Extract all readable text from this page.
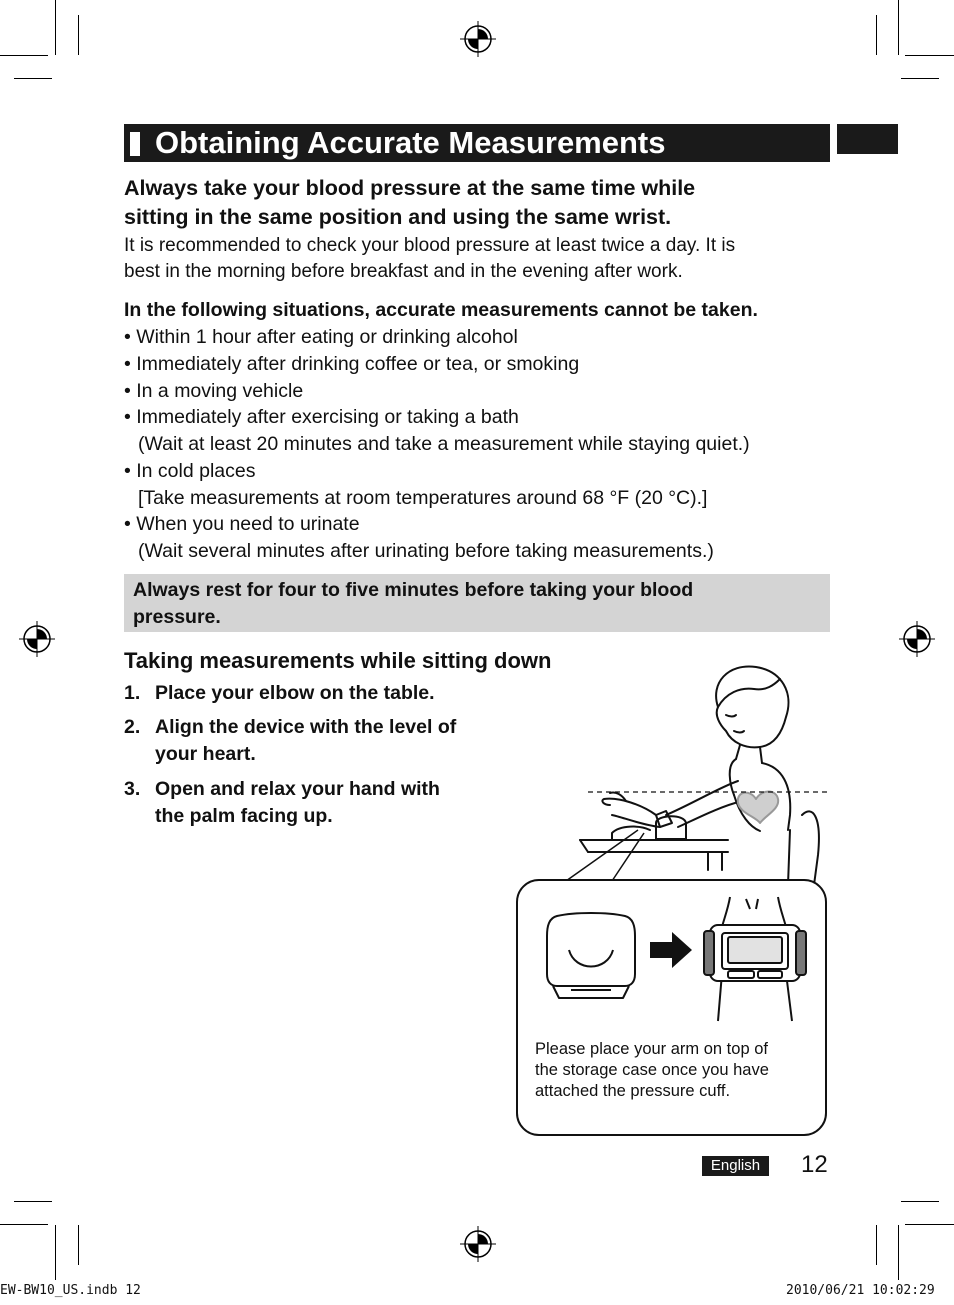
Obtaining Accurate Measurements
Always take your blood pressure at the same time while
sitting in the same position and using the same wrist.
It is recommended to check your blood pressure at least twice a day. It is
best in the morning before breakfast and in the evening after work.
In the following situations, accurate measurements cannot be taken.
• Within 1 hour after eating or drinking alcohol
• Immediately after drinking coffee or tea, or smoking
• In a moving vehicle
• Immediately after exercising or taking a bath
(Wait at least 20 minutes and take a measurement while staying quiet.)
• In cold places
[Take measurements at room temperatures around 68 °F (20 °C).]
• When you need to urinate
(Wait several minutes after urinating before taking measurements.)
Always rest for four to five minutes before taking your blood
pressure.
Taking measurements while sitting down
1. Place your elbow on the table.
2. Align the device with the level of
your heart.
3. Open and relax your hand with
the palm facing up.
Please place your arm on top of
the storage case once you have
attached the pressure cuff.
English	12
EW-BW10_US.indb 12	2010/06/21 10:02:29
